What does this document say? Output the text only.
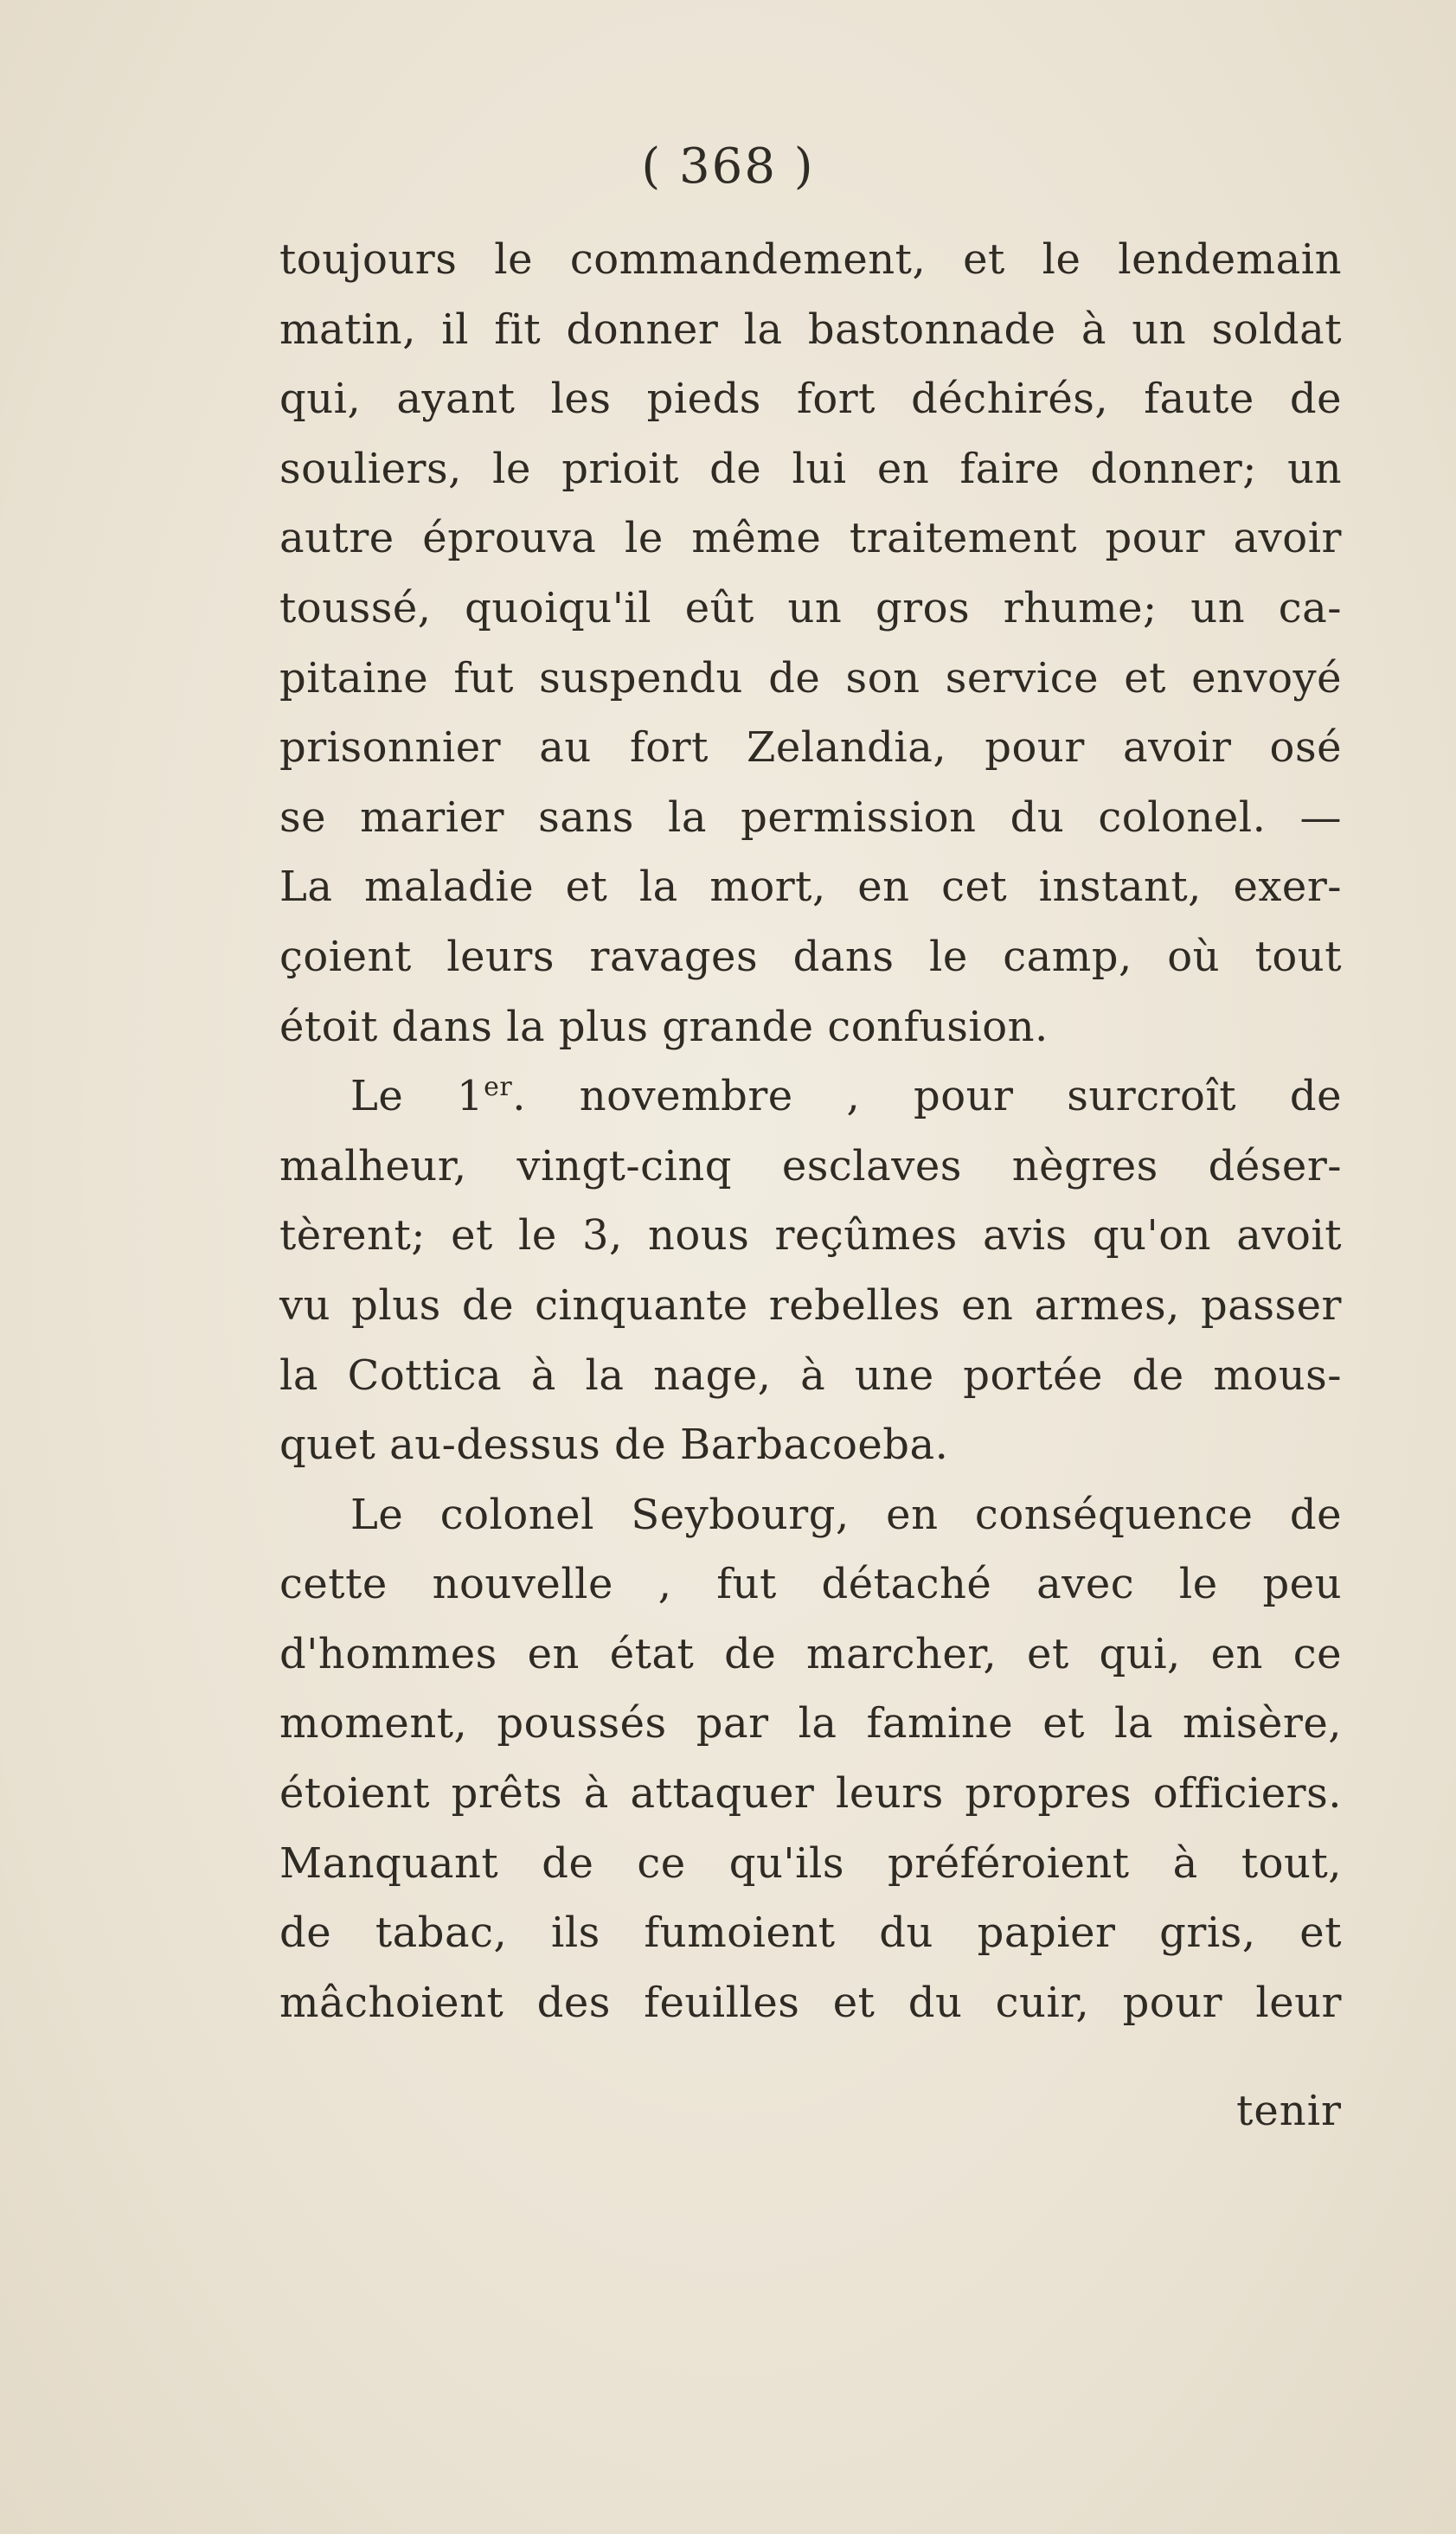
( 368 )
toujours le commandement, et le lendemain
matin, il fit donner la bastonnade à un soldat
qui, ayant les pieds fort déchirés, faute de
souliers, le prioit de lui en faire donner; un
autre éprouva le même traitement pour avoir
toussé, quoiqu'il eût un gros rhume; un ca-
pitaine fut suspendu de son service et envoyé
prisonnier au fort Zelandia, pour avoir osé
se marier sans la permission du colonel. —
La maladie et la mort, en cet instant, exer-
çoient leurs ravages dans le camp, où tout
étoit dans la plus grande confusion.
Le 1er. novembre , pour surcroît de
malheur, vingt-cinq esclaves nègres déser-
tèrent; et le 3, nous reçûmes avis qu'on avoit
vu plus de cinquante rebelles en armes, passer
la Cottica à la nage, à une portée de mous-
quet au-dessus de Barbacoeba.
Le colonel Seybourg, en conséquence de
cette nouvelle , fut détaché avec le peu
d'hommes en état de marcher, et qui, en ce
moment, poussés par la famine et la misère,
étoient prêts à attaquer leurs propres officiers.
Manquant de ce qu'ils préféroient à tout,
de tabac, ils fumoient du papier gris, et
mâchoient des feuilles et du cuir, pour leur
tenir
